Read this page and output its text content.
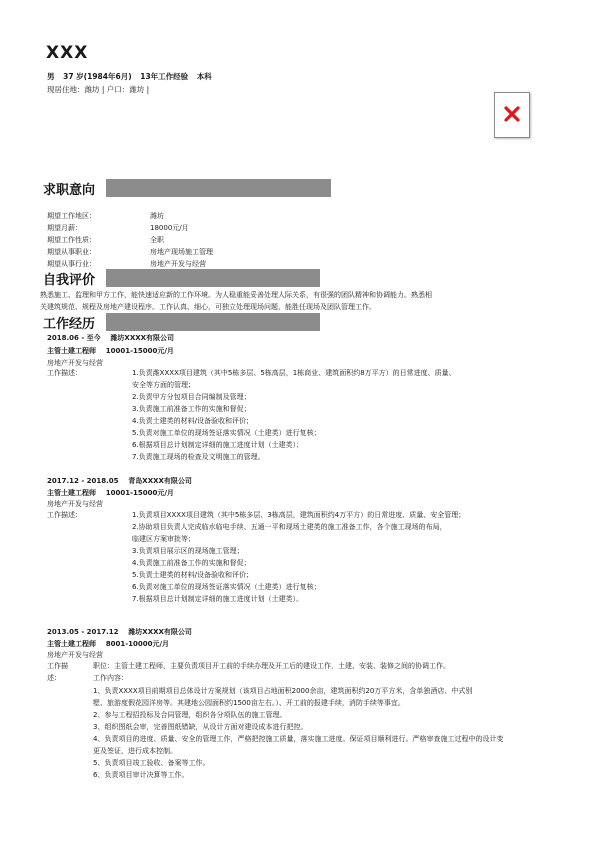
XXX
男 37 岁(1984年6月) 13年工作经验 本科
现居住地：潍坊 | 户口：潍坊 |
求职意向
期望工作地区：	潍坊
期望月薪：	18000元/月
期望工作性质：	全职
期望从事职业：	房地产现场施工管理
期望从事行业：	房地产开发与经营
自我评价
熟悉施工、监理和甲方工作，能快速适应新的工作环境。为人稳重能妥善处理人际关系，有很强的团队精神和协调能力。熟悉相
关建筑规范、规程及房地产建设程序。工作认真、细心，可独立处理现场问题，能胜任现场及团队管理工作。
工作经历
2018.06 - 至今 潍坊XXXX有限公司
主管土建工程师 10001-15000元/月
房地产开发与经营
工作描述：	1.负责潍XXXX项目建筑（其中5栋多层、5栋高层，1栋商业、建筑面积约8万平方）的日常进度、质量、
安全等方面的管理；
2.负责甲方分包项目合同编制及管理；
3.负责施工前准备工作的实施和督促；
4.负责土建类的材料/设备验收和评价；
5.负责对施工单位的现场签证落实情况（土建类）进行复核；
6.根据项目总计划制定详细的施工进度计划（土建类）；
7.负责施工现场的检查及文明施工的管理。
2017.12 - 2018.05 青岛XXXX有限公司
主管土建工程师 10001-15000元/月
房地产开发与经营
工作描述：	1.负责项目XXXX项目建筑（其中5栋多层、3栋高层，建筑面积约4万平方）的日常进度、质量、安全管理；
2.协助项目负责人完成临水临电手续、五通一平和现场土建类的施工准备工作，各个施工现场的布局，
临建区方案审批等；
3.负责项目展示区的现场施工管理；
4.负责施工前准备工作的实施和督促；
5.负责土建类的材料/设备验收和评价；
6.负责对施工单位的现场签证落实情况（土建类）进行复核；
7.根据项目总计划制定详细的施工进度计划（土建类）。
2013.05 - 2017.12 潍坊XXXX有限公司
主管土建工程师 8001-10000元/月
房地产开发与经营
工作描
述：
职位：主管土建工程师，主要负责项目开工前的手续办理及开工后的建设工作，土建、安装、装修之间的协调工作。
工作内容：
1、负责XXXX项目前期项目总体设计方案规划（该项目占地面积2000余亩，建筑面积约20万平方米，含单独酒店、中式别
墅、旅游度假花园洋房等。其建地公园面积约1500亩左右。）、开工前的报建手续，消防手续等事宜。
2、参与工程招投标及合同管理，组织各分项队伍的施工管理。
3、组织图纸会审，完善图纸错缺，从设计方面对建设成本进行把控。
4、负责项目的进度、质量、安全的管理工作，严格把控施工质量，落实施工进度。保证项目顺利进行。严格审查施工过程中的设计变
更及签证，进行成本控制。
5、负责项目竣工验收、备案等工作。
6、负责项目审计决算等工作。
